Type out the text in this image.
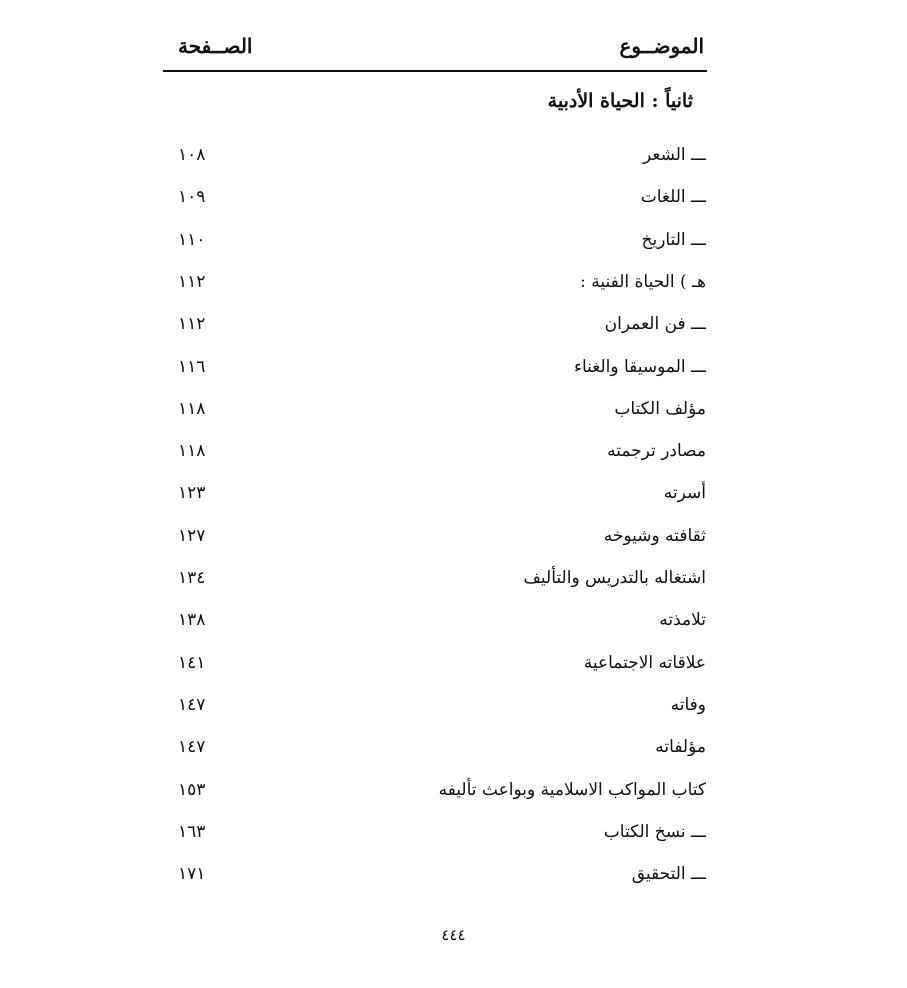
الموضــوع
الصــفحة
ثانياً : الحياة الأدبية
ـــ الشعر
١٠٨
ـــ اللغات
١٠٩
ـــ التاريخ
١١٠
هـ ) الحياة الفنية :
١١٢
ـــ فن العمران
١١٢
ـــ الموسيقا والغناء
١١٦
مؤلف الكتاب
١١٨
مصادر ترجمته
١١٨
أسرته
١٢٣
ثقافته وشيوخه
١٢٧
اشتغاله بالتدريس والتأليف
١٣٤
تلامذته
١٣٨
علاقاته الاجتماعية
١٤١
وفاته
١٤٧
مؤلفاته
١٤٧
كتاب المواكب الاسلامية وبواعث تأليفه
١٥٣
ـــ نسخ الكتاب
١٦٣
ـــ التحقيق
١٧١
٤٤٤
